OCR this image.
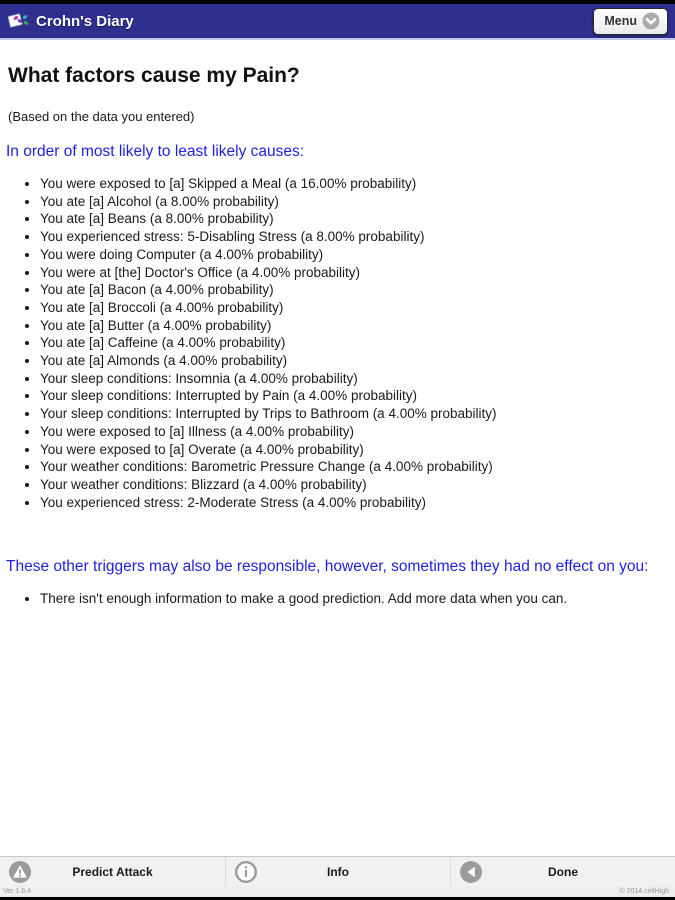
Crohn's Diary	Menu
What factors cause my Pain?

(Based on the data you entered)

In order of most likely to least likely causes:

• You were exposed to [a] Skipped a Meal (a 16.00% probability)
• You ate [a] Alcohol (a 8.00% probability)
• You ate [a] Beans (a 8.00% probability)
• You experienced stress: 5-Disabling Stress (a 8.00% probability)
• You were doing Computer (a 4.00% probability)
• You were at [the] Doctor's Office (a 4.00% probability)
• You ate [a] Bacon (a 4.00% probability)
• You ate [a] Broccoli (a 4.00% probability)
• You ate [a] Butter (a 4.00% probability)
• You ate [a] Caffeine (a 4.00% probability)
• You ate [a] Almonds (a 4.00% probability)
• Your sleep conditions: Insomnia (a 4.00% probability)
• Your sleep conditions: Interrupted by Pain (a 4.00% probability)
• Your sleep conditions: Interrupted by Trips to Bathroom (a 4.00% probability)
• You were exposed to [a] Illness (a 4.00% probability)
• You were exposed to [a] Overate (a 4.00% probability)
• Your weather conditions: Barometric Pressure Change (a 4.00% probability)
• Your weather conditions: Blizzard (a 4.00% probability)
• You experienced stress: 2-Moderate Stress (a 4.00% probability)

These other triggers may also be responsible, however, sometimes they had no effect on you:

• There isn't enough information to make a good prediction. Add more data when you can.
Predict Attack	Info	Done
Ver 1.6.4	© 2014 cellHigh
